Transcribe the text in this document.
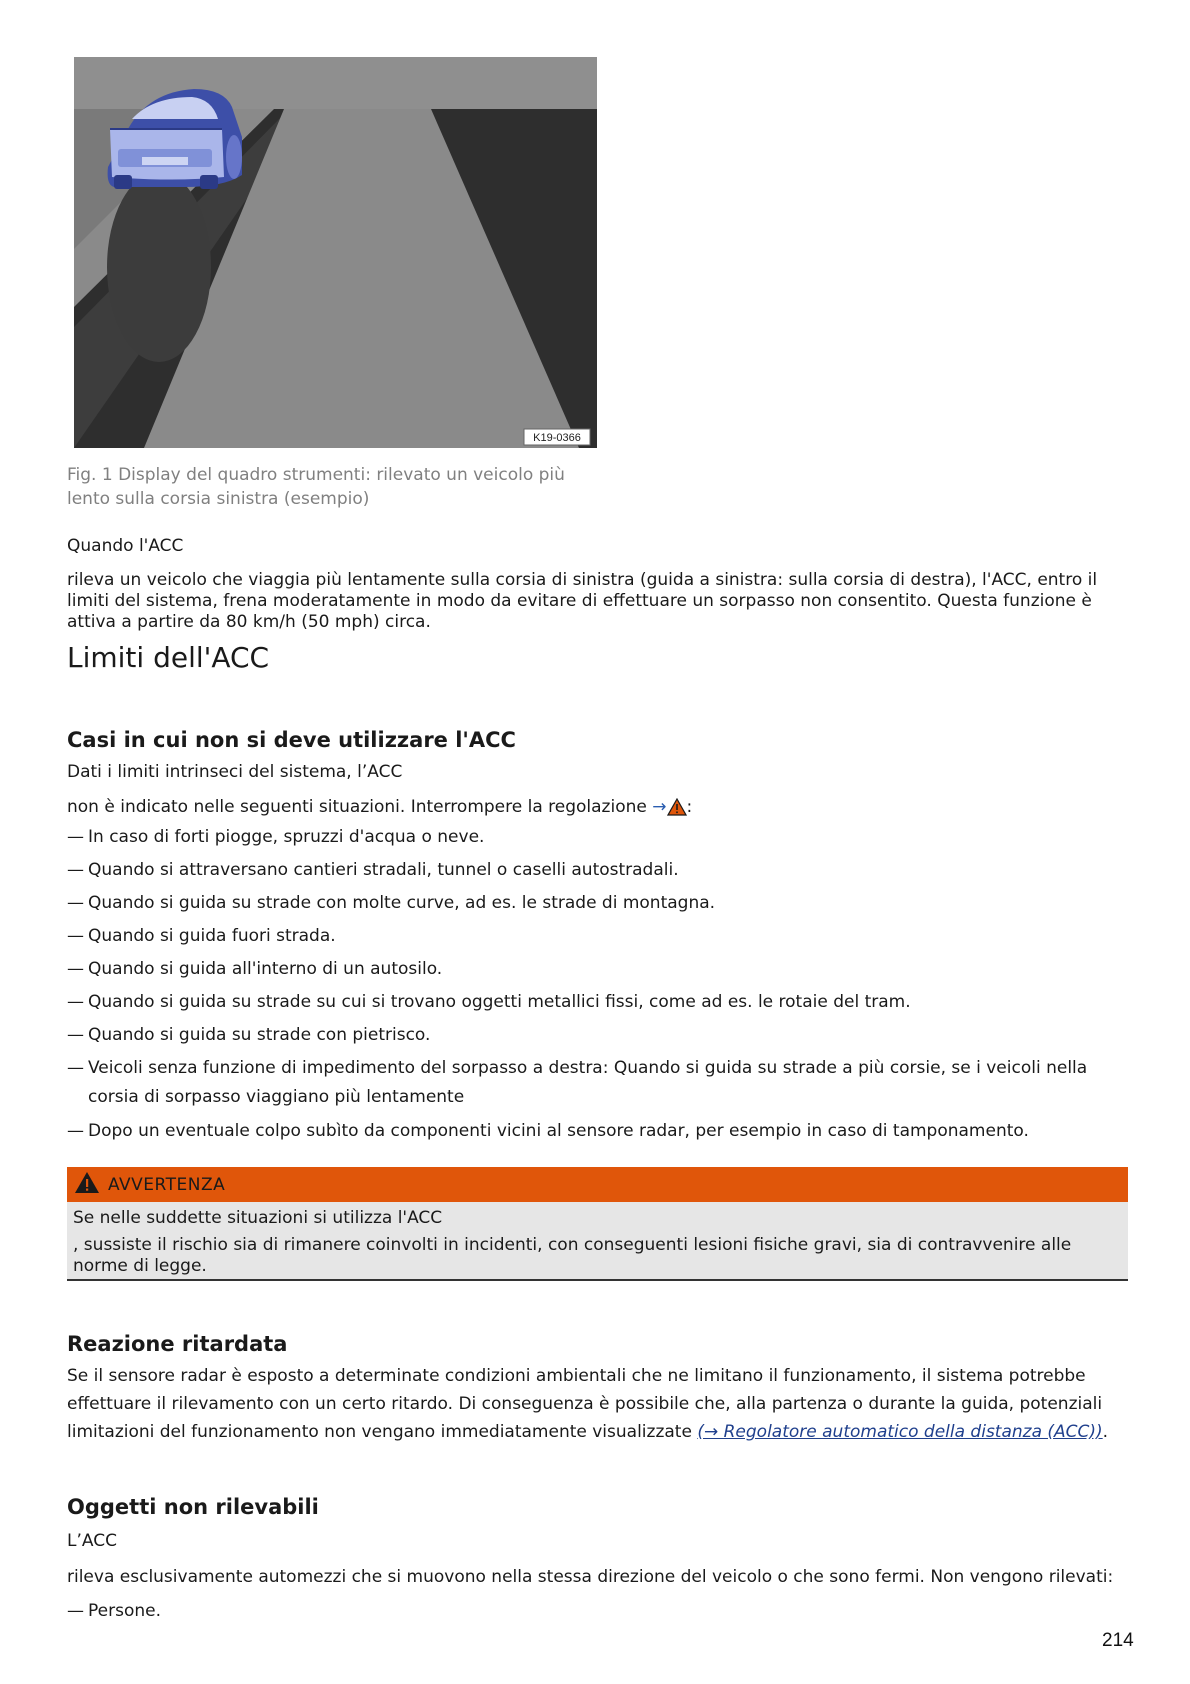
K19-0366
Fig. 1 Display del quadro strumenti: rilevato un veicolo più
lento sulla corsia sinistra (esempio)
Quando l'ACC
rileva un veicolo che viaggia più lentamente sulla corsia di sinistra (guida a sinistra: sulla corsia di destra), l'ACC, entro il limiti del sistema, frena moderatamente in modo da evitare di effettuare un sorpasso non consentito. Questa funzione è attiva a partire da 80 km/h (50 mph) circa.
Limiti dell'ACC
Casi in cui non si deve utilizzare l'ACC
Dati i limiti intrinseci del sistema, l’ACC
non è indicato nelle seguenti situazioni. Interrompere la regolazione → :
— In caso di forti piogge, spruzzi d'acqua o neve.
— Quando si attraversano cantieri stradali, tunnel o caselli autostradali.
— Quando si guida su strade con molte curve, ad es. le strade di montagna.
— Quando si guida fuori strada.
— Quando si guida all'interno di un autosilo.
— Quando si guida su strade su cui si trovano oggetti metallici fissi, come ad es. le rotaie del tram.
— Quando si guida su strade con pietrisco.
— Veicoli senza funzione di impedimento del sorpasso a destra: Quando si guida su strade a più corsie, se i veicoli nella corsia di sorpasso viaggiano più lentamente
— Dopo un eventuale colpo subìto da componenti vicini al sensore radar, per esempio in caso di tamponamento.
AVVERTENZA
Se nelle suddette situazioni si utilizza l'ACC
, sussiste il rischio sia di rimanere coinvolti in incidenti, con conseguenti lesioni fisiche gravi, sia di contravvenire alle norme di legge.
Reazione ritardata
Se il sensore radar è esposto a determinate condizioni ambientali che ne limitano il funzionamento, il sistema potrebbe effettuare il rilevamento con un certo ritardo. Di conseguenza è possibile che, alla partenza o durante la guida, potenziali limitazioni del funzionamento non vengano immediatamente visualizzate (→ Regolatore automatico della distanza (ACC)).
Oggetti non rilevabili
L’ACC
rileva esclusivamente automezzi che si muovono nella stessa direzione del veicolo o che sono fermi. Non vengono rilevati:
— Persone.
214
